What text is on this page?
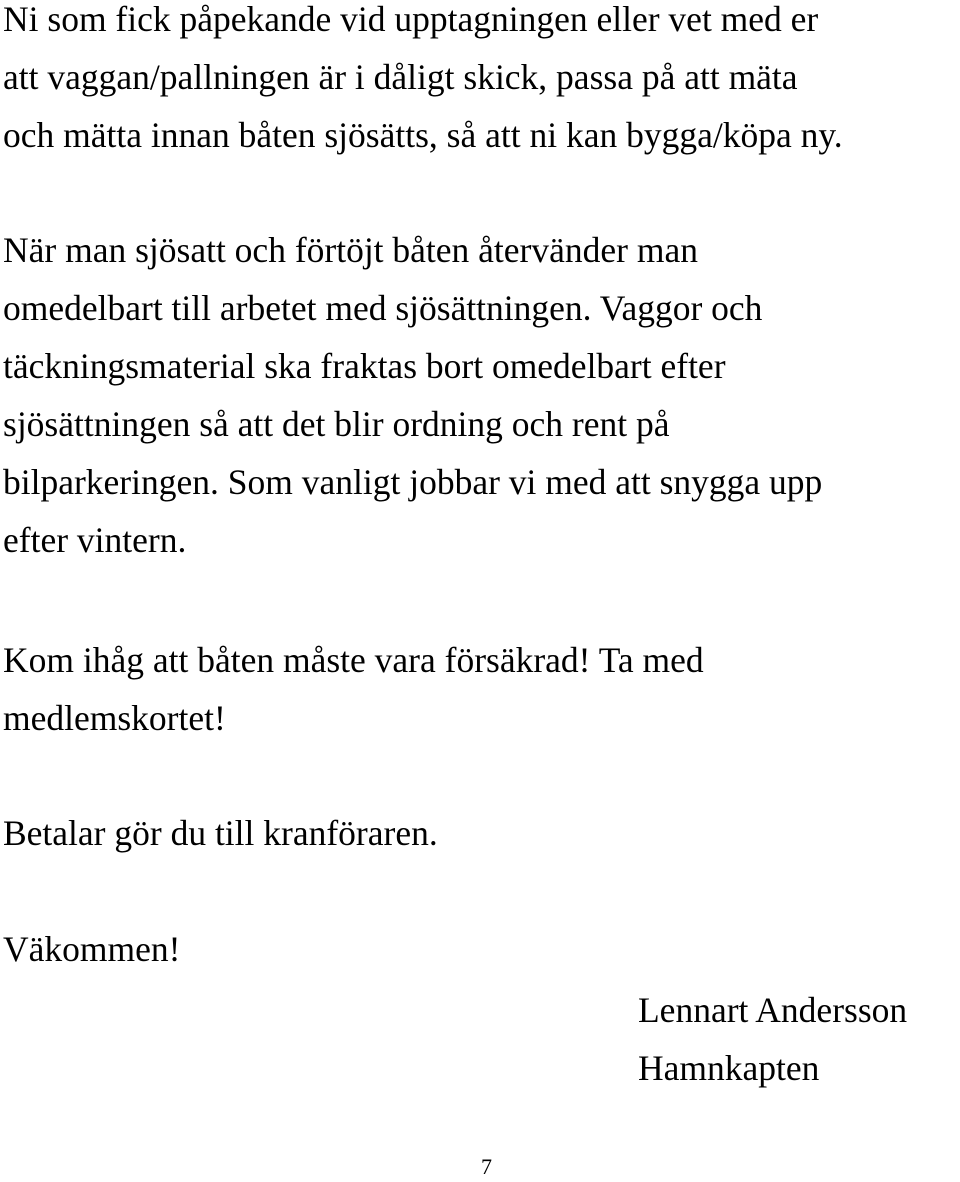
Ni som fick påpekande vid upptagningen eller vet med er
att vaggan/pallningen är i dåligt skick, passa på att mäta
och mätta innan båten sjösätts, så att ni kan bygga/köpa ny.

När man sjösatt och förtöjt båten återvänder man
omedelbart till arbetet med sjösättningen. Vaggor och
täckningsmaterial ska fraktas bort omedelbart efter
sjösättningen så att det blir ordning och rent på
bilparkeringen. Som vanligt jobbar vi med att snygga upp
efter vintern.

Kom ihåg att båten måste vara försäkrad! Ta med
medlemskortet!

Betalar gör du till kranföraren.

Väkommen!

Lennart Andersson
Hamnkapten
7
